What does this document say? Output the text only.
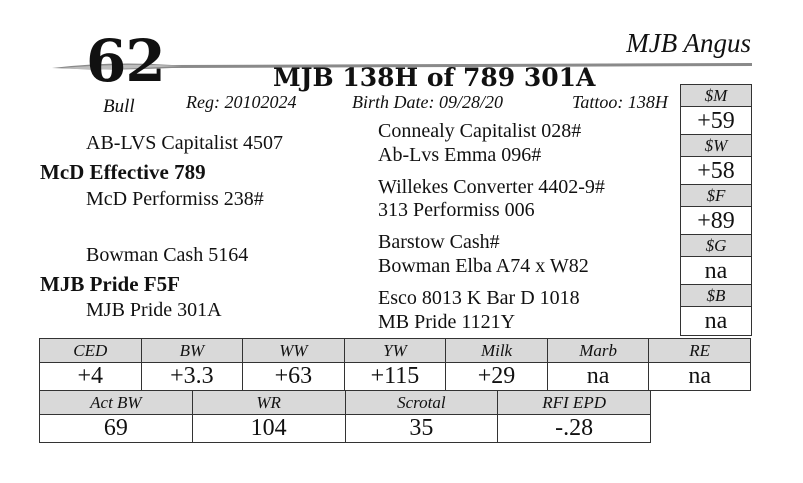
62
Bull
MJB Angus
MJB 138H of 789 301A
Reg: 20102024	Birth Date: 09/28/20	Tattoo: 138H
AB-LVS Capitalist 4507
Connealy Capitalist 028#
Ab-Lvs Emma 096#
McD Effective 789
McD Performiss 238#
Willekes Converter 4402-9#
313 Performiss 006
Bowman Cash 5164
Barstow Cash#
Bowman Elba A74 x W82
MJB Pride F5F
MJB Pride 301A
Esco 8013 K Bar D 1018
MB Pride 1121Y
$M
+59
$W
+58
$F
+89
$G
na
$B
na
CED	BW	WW	YW	Milk	Marb	RE
+4	+3.3	+63	+115	+29	na	na
Act BW	WR	Scrotal	RFI EPD
69	104	35	-.28
